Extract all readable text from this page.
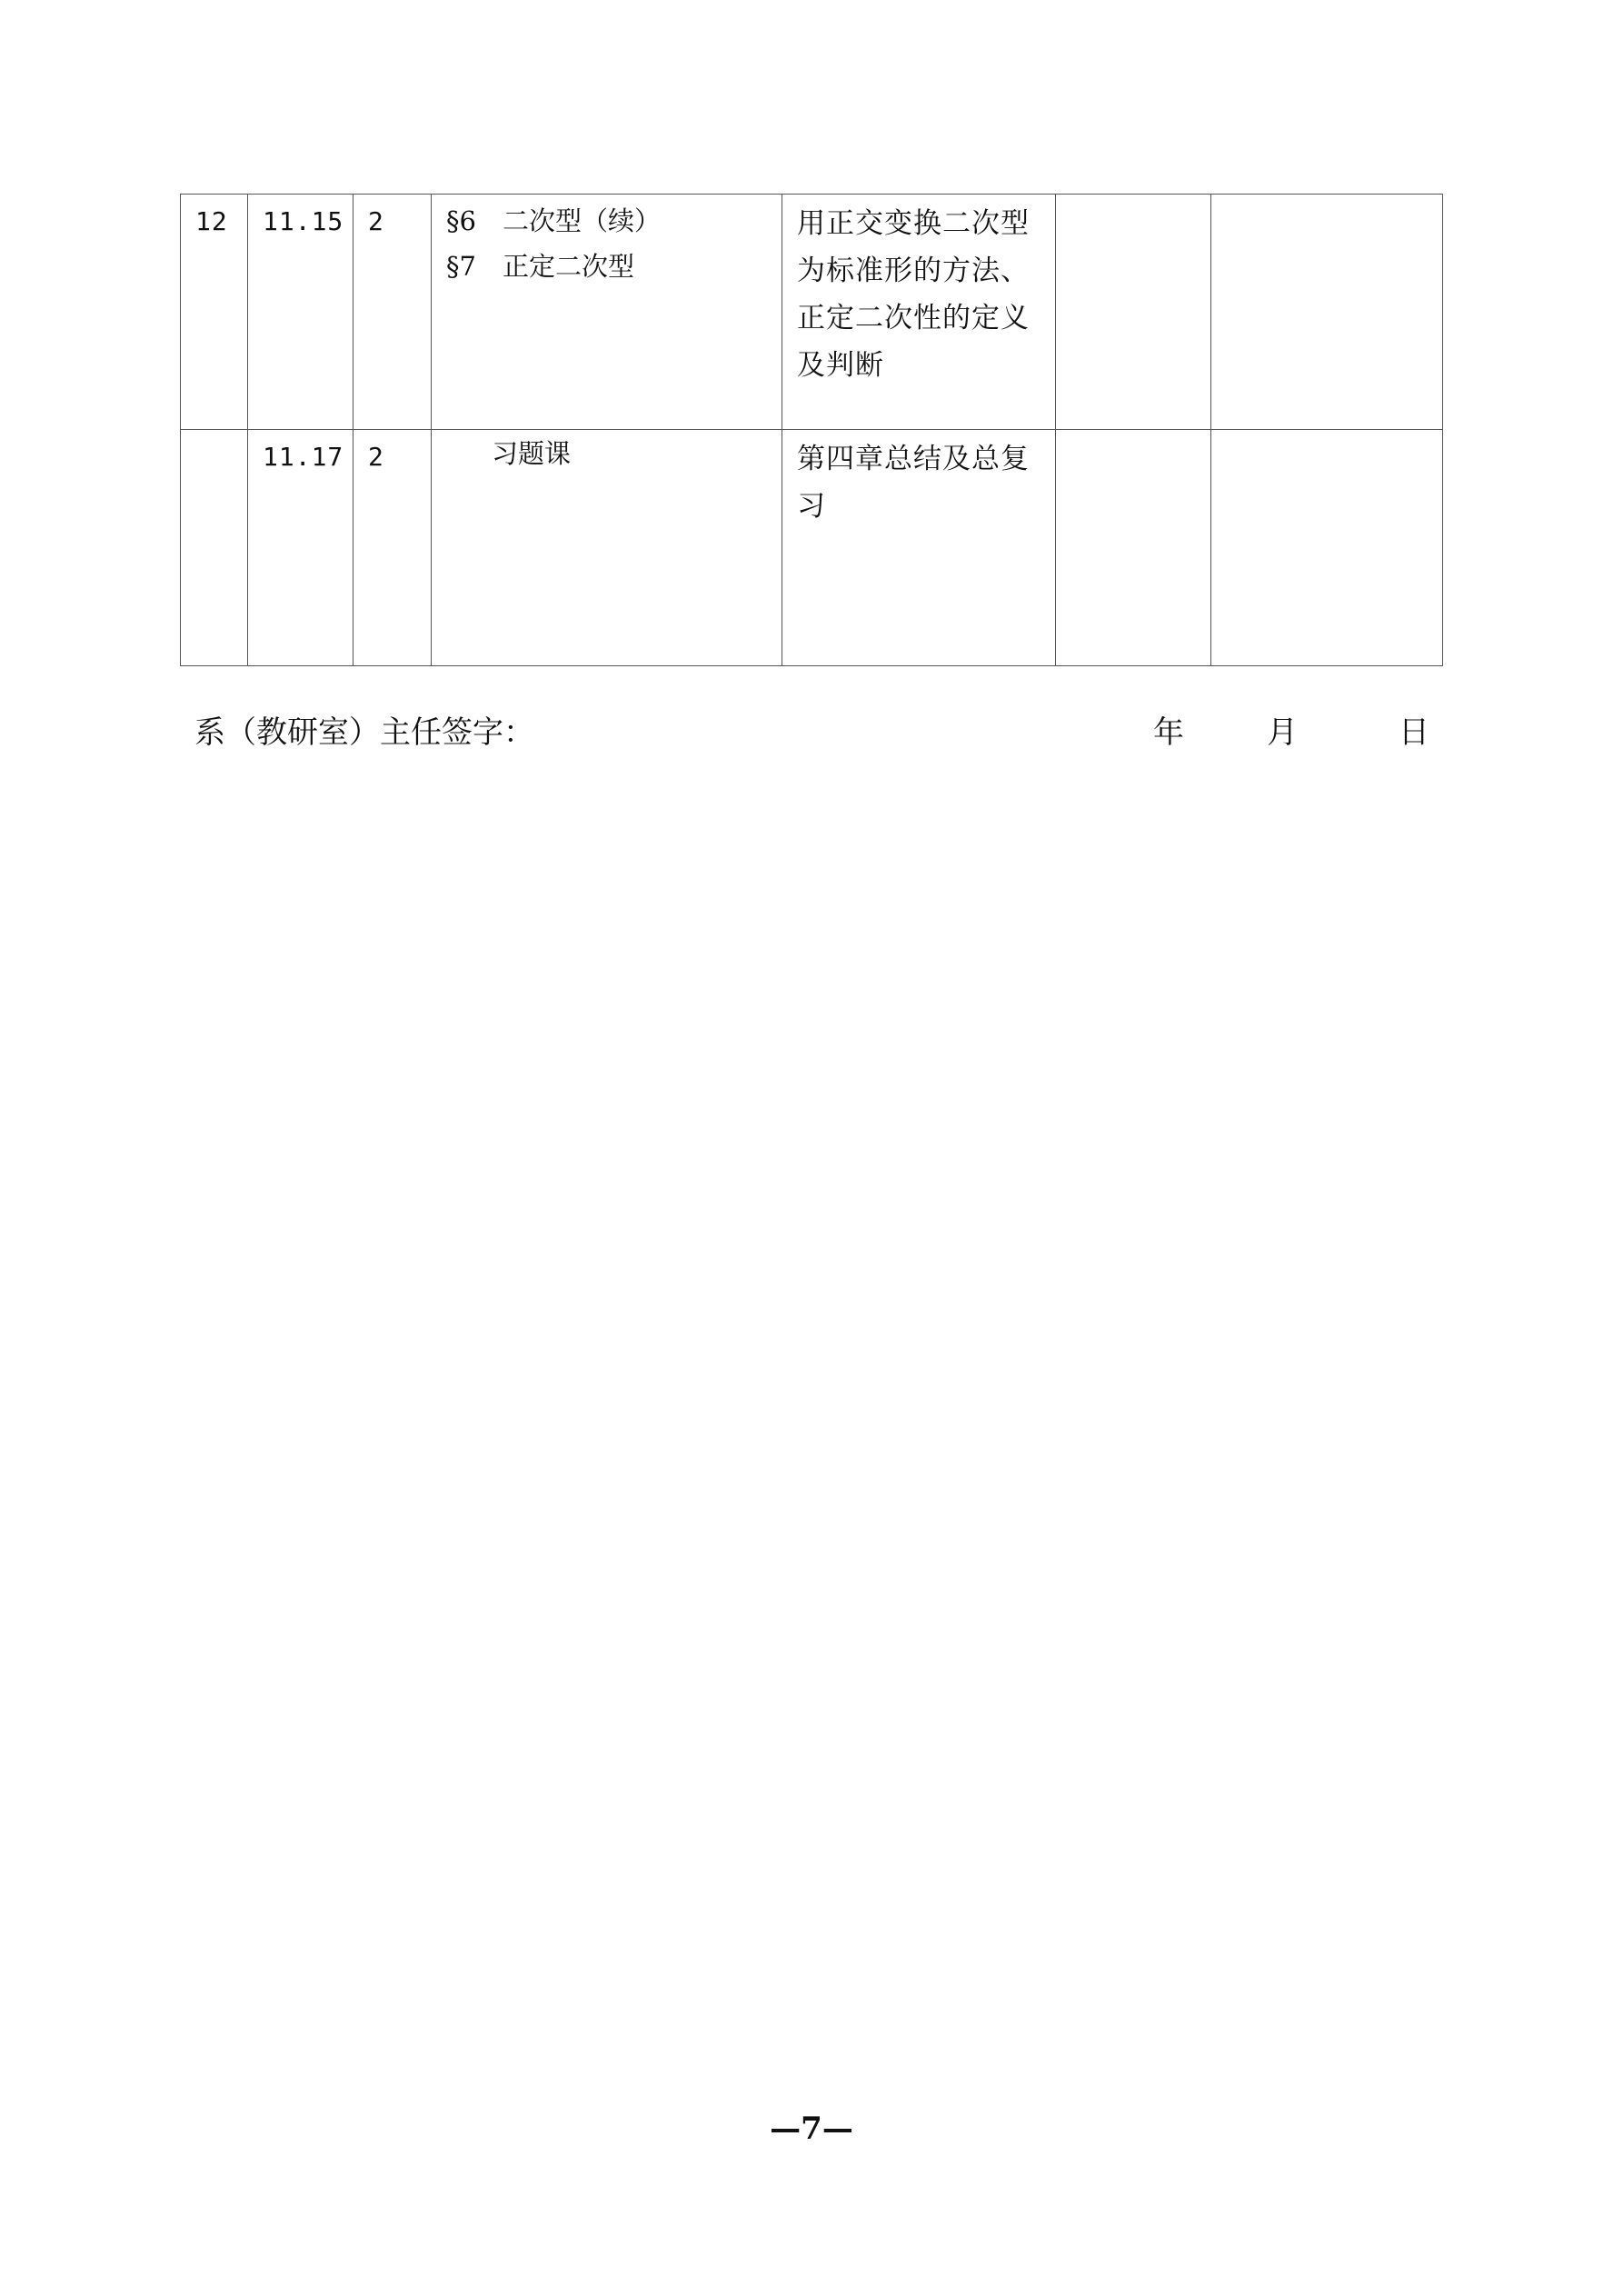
12	11.15	2	§6 二次型（续）
§7 正定二次型	用正交变换二次型为标准形的方法、正定二次性的定义及判断		

	11.17	2	习题课	第四章总结及总复习		

系（教研室）主任签字：	年	月	日
—7—
